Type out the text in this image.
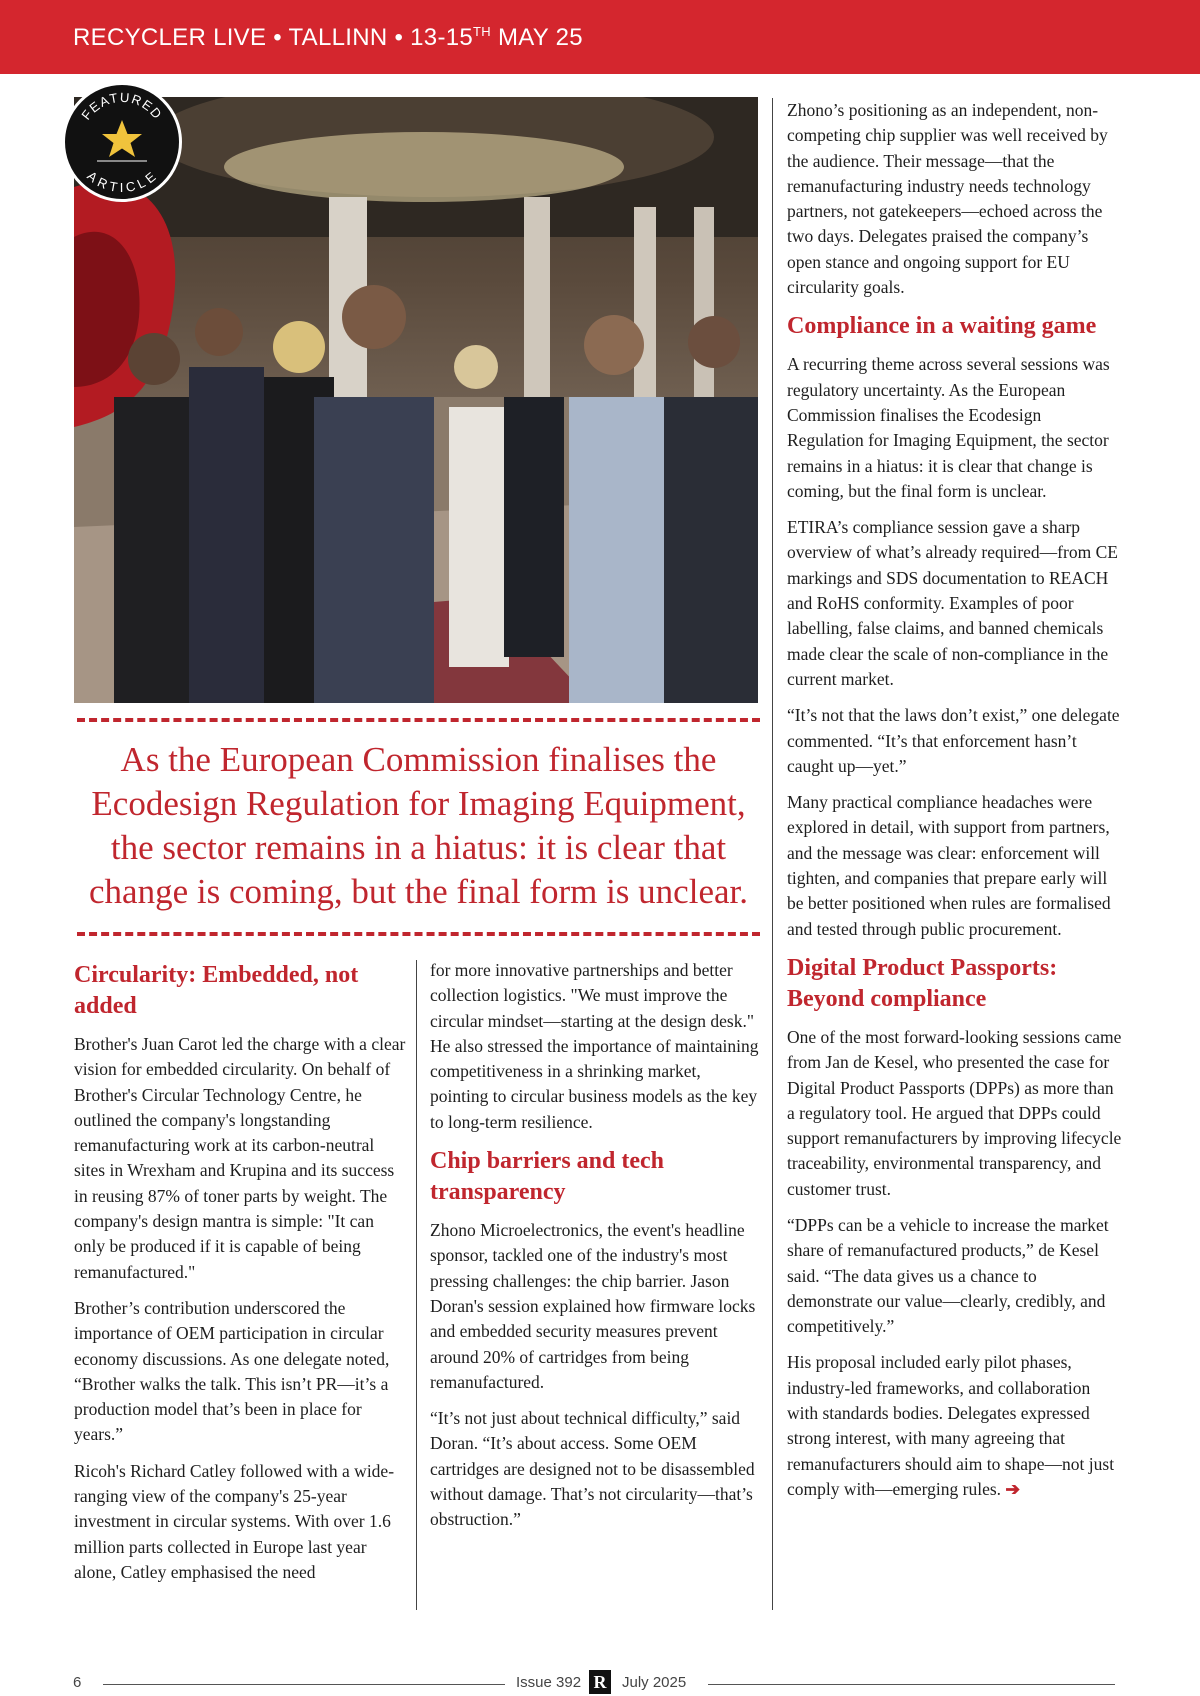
RECYCLER LIVE • TALLINN • 13-15TH MAY 25
FEATURED
ARTICLE
As the European Commission finalises the Ecodesign Regulation for Imaging Equipment, the sector remains in a hiatus: it is clear that change is coming, but the final form is unclear.
Circularity: Embedded, not added

Brother's Juan Carot led the charge with a clear vision for embedded circularity. On behalf of Brother's Circular Technology Centre, he outlined the company's longstanding remanufacturing work at its carbon-neutral sites in Wrexham and Krupina and its success in reusing 87% of toner parts by weight. The company's design mantra is simple: "It can only be produced if it is capable of being remanufactured."

Brother’s contribution underscored the importance of OEM participation in circular economy discussions. As one delegate noted, “Brother walks the talk. This isn’t PR—it’s a production model that’s been in place for years.”

Ricoh's Richard Catley followed with a wide-ranging view of the company's 25-year investment in circular systems. With over 1.6 million parts collected in Europe last year alone, Catley emphasised the need

for more innovative partnerships and better collection logistics. "We must improve the circular mindset—starting at the design desk." He also stressed the importance of maintaining competitiveness in a shrinking market, pointing to circular business models as the key to long-term resilience.

Chip barriers and tech transparency

Zhono Microelectronics, the event's headline sponsor, tackled one of the industry's most pressing challenges: the chip barrier. Jason Doran's session explained how firmware locks and embedded security measures prevent around 20% of cartridges from being remanufactured.

“It’s not just about technical difficulty,” said Doran. “It’s about access. Some OEM cartridges are designed not to be disassembled without damage. That’s not circularity—that’s obstruction.”

Zhono’s positioning as an independent, non-competing chip supplier was well received by the audience. Their message—that the remanufacturing industry needs technology partners, not gatekeepers—echoed across the two days. Delegates praised the company’s open stance and ongoing support for EU circularity goals.

Compliance in a waiting game

A recurring theme across several sessions was regulatory uncertainty. As the European Commission finalises the Ecodesign Regulation for Imaging Equipment, the sector remains in a hiatus: it is clear that change is coming, but the final form is unclear.

ETIRA’s compliance session gave a sharp overview of what’s already required—from CE markings and SDS documentation to REACH and RoHS conformity. Examples of poor labelling, false claims, and banned chemicals made clear the scale of non-compliance in the current market.

“It’s not that the laws don’t exist,” one delegate commented. “It’s that enforcement hasn’t caught up—yet.”

Many practical compliance headaches were explored in detail, with support from partners, and the message was clear: enforcement will tighten, and companies that prepare early will be better positioned when rules are formalised and tested through public procurement.

Digital Product Passports: Beyond compliance

One of the most forward-looking sessions came from Jan de Kesel, who presented the case for Digital Product Passports (DPPs) as more than a regulatory tool. He argued that DPPs could support remanufacturers by improving lifecycle traceability, environmental transparency, and customer trust.

“DPPs can be a vehicle to increase the market share of remanufactured products,” de Kesel said. “The data gives us a chance to demonstrate our value—clearly, credibly, and competitively.”

His proposal included early pilot phases, industry-led frameworks, and collaboration with standards bodies. Delegates expressed strong interest, with many agreeing that remanufacturers should aim to shape—not just comply with—emerging rules. ➔

6	Issue 392 R	July 2025
